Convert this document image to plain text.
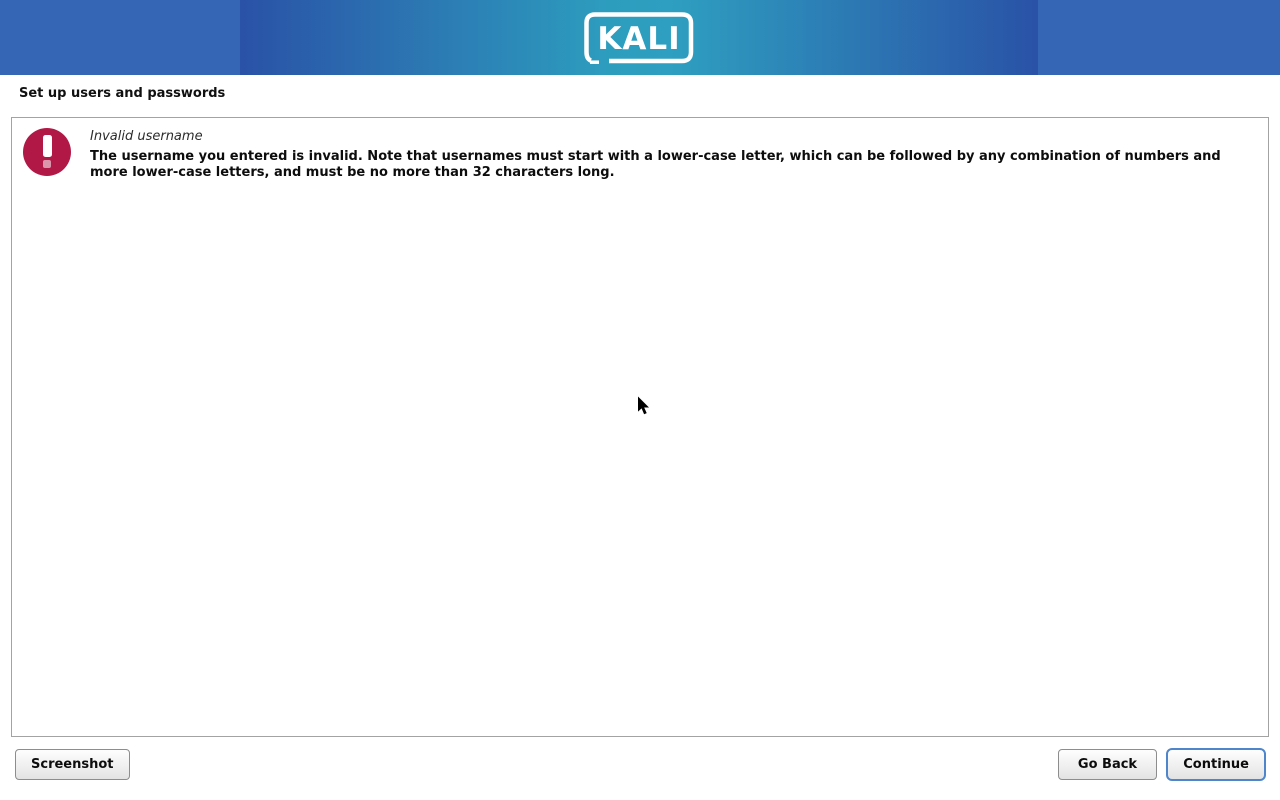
KALI
Set up users and passwords
Invalid username
The username you entered is invalid. Note that usernames must start with a lower-case letter, which can be followed by any combination of numbers and more lower-case letters, and must be no more than 32 characters long.
Screenshot	Go Back	Continue
